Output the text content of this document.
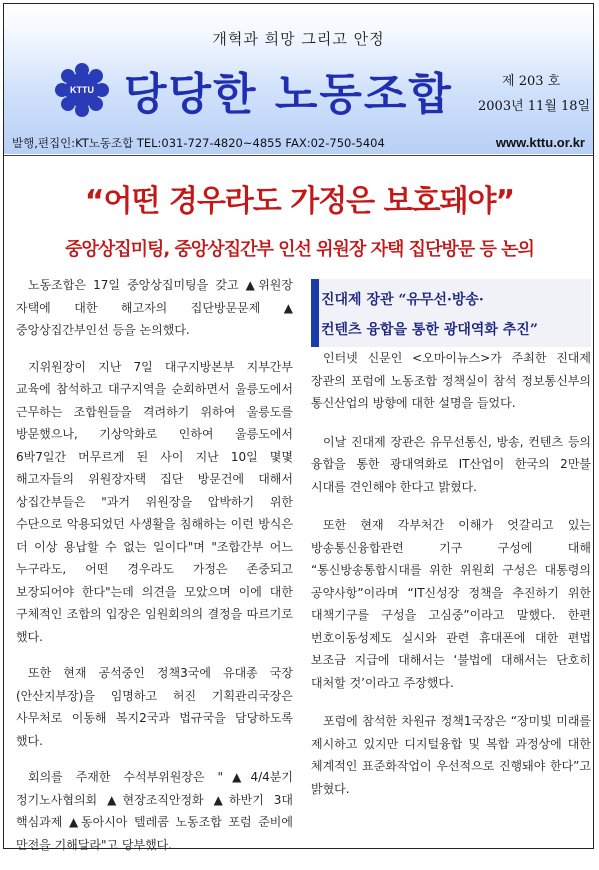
개혁과 희망 그리고 안정
KTTU 당당한 노동조합	제 203 호
2003년 11월 18일
발행,편집인:KT노동조합 TEL:031-727-4820~4855 FAX:02-750-5404	www.kttu.or.kr
“어떤 경우라도 가정은 보호돼야”
중앙상집미팅, 중앙상집간부 인선 위원장 자택 집단방문 등 논의

노동조합은 17일 중앙상집미팅을 갖고 ▲위원장 자택에 대한 해고자의 집단방문문제 ▲중앙상집간부인선 등을 논의했다.

지위원장이 지난 7일 대구지방본부 지부간부 교육에 참석하고 대구지역을 순회하면서 울릉도에서 근무하는 조합원들을 격려하기 위하여 울릉도를 방문했으나, 기상악화로 인하여 울릉도에서 6박7일간 머무르게 된 사이 지난 10일 몇몇 해고자들의 위원장자택 집단 방문건에 대해서 상집간부들은 "과거 위원장을 압박하기 위한 수단으로 악용되었던 사생활을 침해하는 이런 방식은 더 이상 용납할 수 없는 일이다"며 "조합간부 어느 누구라도, 어떤 경우라도 가정은 존중되고 보장되어야 한다"는데 의견을 모았으며 이에 대한 구체적인 조합의 입장은 임원회의의 결정을 따르기로 했다.

또한 현재 공석중인 정책3국에 유대종 국장(안산지부장)을 임명하고 허진 기획관리국장은 사무처로 이동해 복지2국과 법규국을 담당하도록 했다.

회의를 주재한 수석부위원장은 "▲4/4분기 정기노사협의회 ▲현장조직안정화 ▲하반기 3대 핵심과제 ▲동아시아 텔레콤 노동조합 포럼 준비에 만전을 기해달라"고 당부했다.

진대제 장관 “유무선·방송·
컨텐츠 융합을 통한 광대역화 추진”

인터넷 신문인 <오마이뉴스>가 주최한 진대제 장관의 포럼에 노동조합 정책실이 참석 정보통신부의 통신산업의 방향에 대한 설명을 들었다.

이날 진대제 장관은 유무선통신, 방송, 컨텐츠 등의 융합을 통한 광대역화로 IT산업이 한국의 2만불 시대를 견인해야 한다고 밝혔다.

또한 현재 각부처간 이해가 엇갈리고 있는 방송통신융합관련 기구 구성에 대해 “통신방송통합시대를 위한 위원회 구성은 대통령의 공약사항”이라며 “IT신성장 정책을 추진하기 위한 대책기구를 구성을 고심중”이라고 말했다. 한편 번호이동성제도 실시와 관련 휴대폰에 대한 편법 보조금 지급에 대해서는 ‘불법에 대해서는 단호히 대처할 것’이라고 주장했다.

포럼에 참석한 차원규 정책1국장은 “장미빛 미래를 제시하고 있지만 디지털융합 및 복합 과정상에 대한 체계적인 표준화작업이 우선적으로 진행돼야 한다”고 밝혔다.
